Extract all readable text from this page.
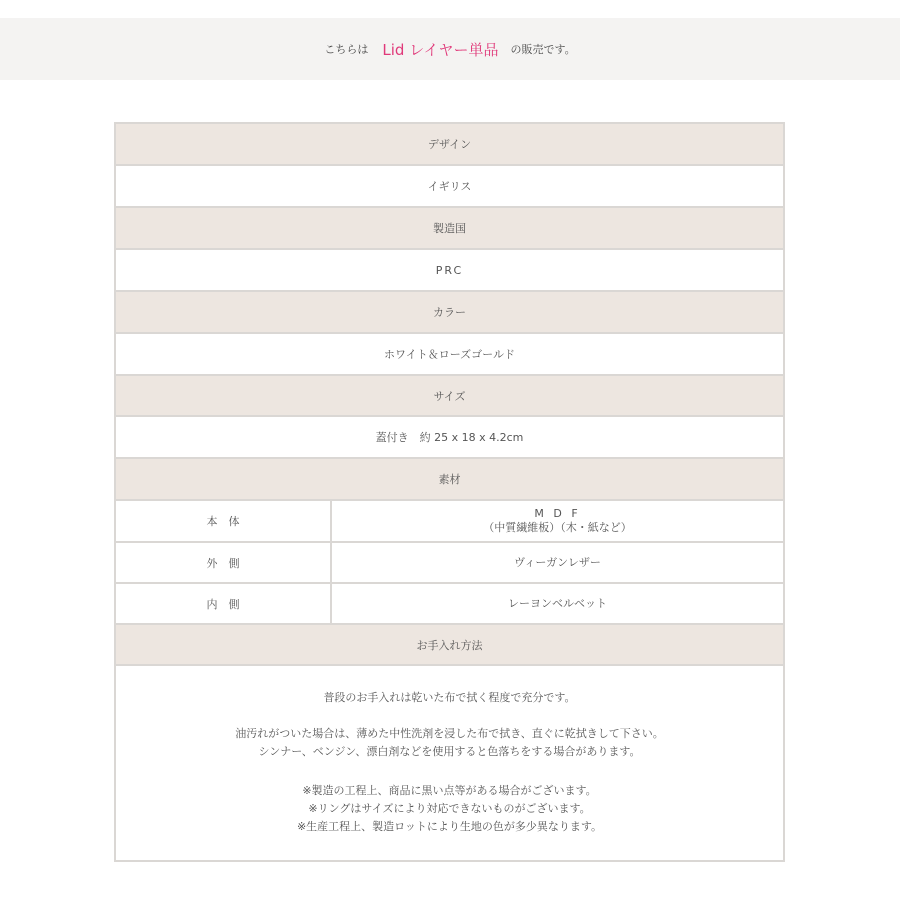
こちらは Lid レイヤー単品 の販売です。
デザイン
イギリス
製造国
PRC
カラー
ホワイト＆ローズゴールド
サイズ
蓋付き　約 25 x 18 x 4.2cm
素材
本　体
M D F
（中質繊維板）（木・紙など）
外　側	ヴィーガンレザー
内　側	レーヨンベルベット
お手入れ方法

普段のお手入れは乾いた布で拭く程度で充分です。

油汚れがついた場合は、薄めた中性洗剤を浸した布で拭き、直ぐに乾拭きして下さい。

シンナー、ベンジン、漂白剤などを使用すると色落ちをする場合があります。

※製造の工程上、商品に黒い点等がある場合がございます。

※リングはサイズにより対応できないものがございます。

※生産工程上、製造ロットにより生地の色が多少異なります。
